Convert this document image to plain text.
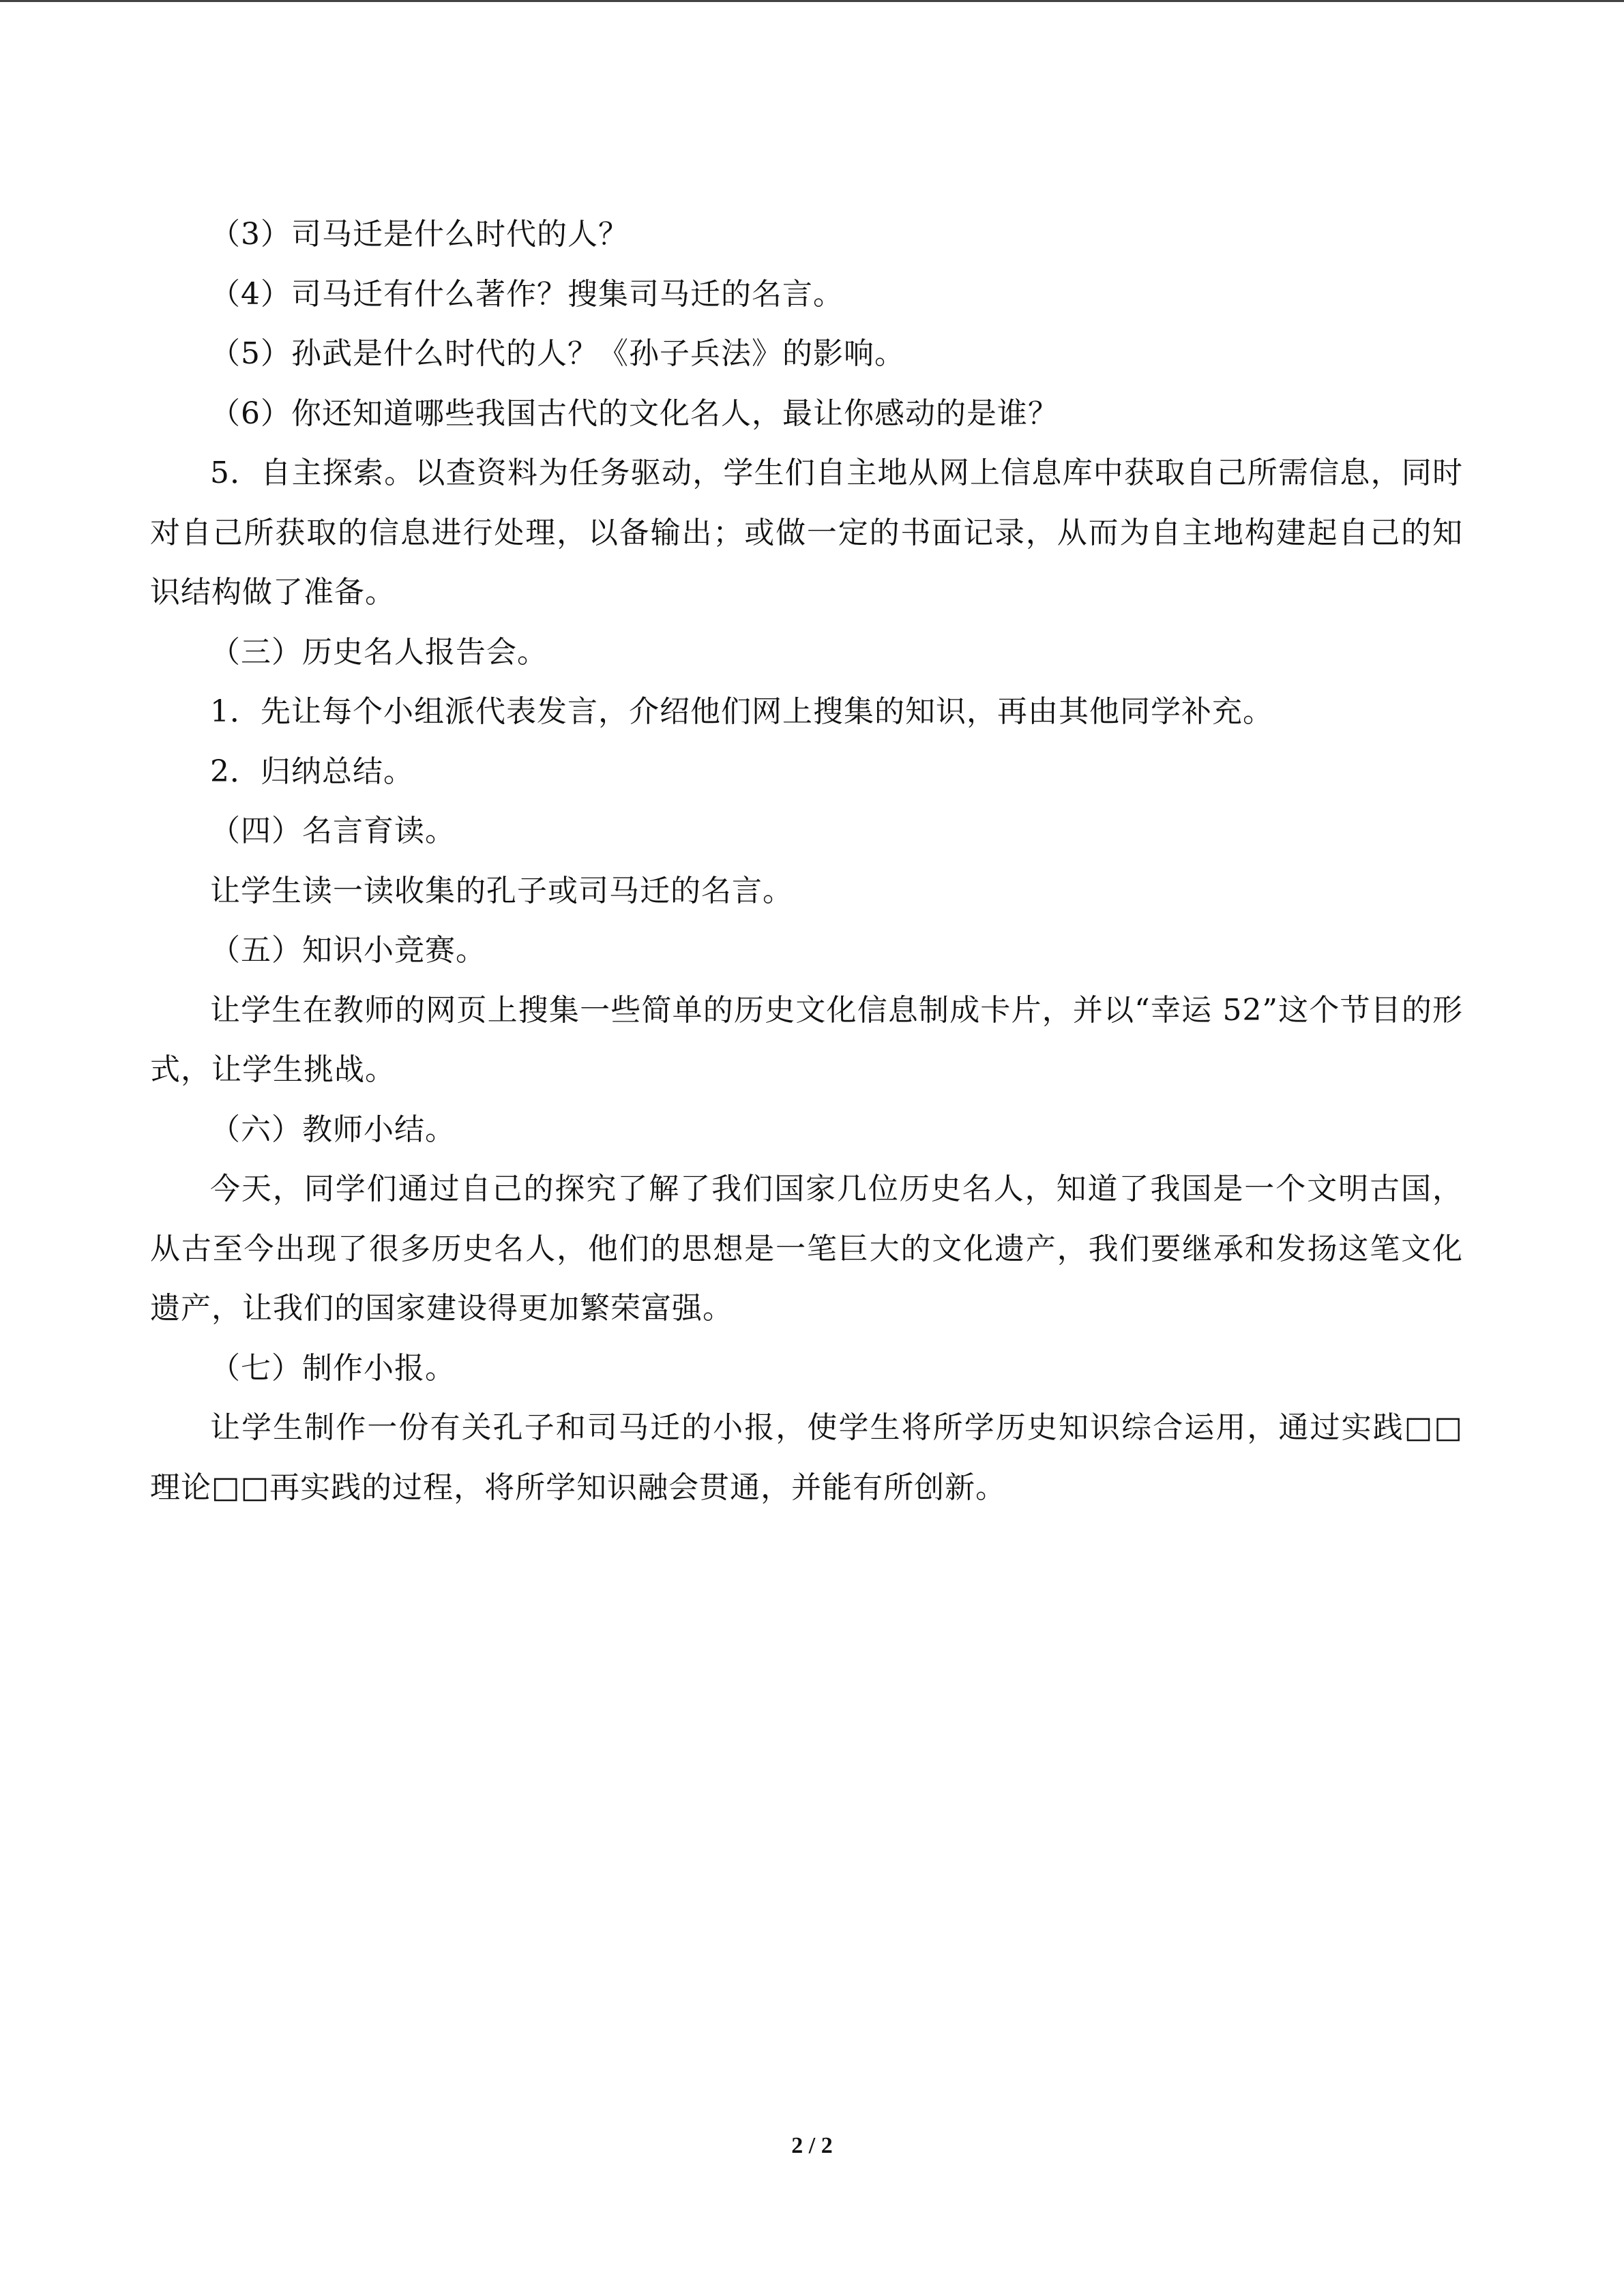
（3）司马迁是什么时代的人？

（4）司马迁有什么著作？搜集司马迁的名言。

（5）孙武是什么时代的人？《孙子兵法》的影响。

（6）你还知道哪些我国古代的文化名人，最让你感动的是谁？

5．自主探索。以查资料为任务驱动，学生们自主地从网上信息库中获取自己所需信息，同时对自己所获取的信息进行处理，以备输出；或做一定的书面记录，从而为自主地构建起自己的知识结构做了准备。

（三）历史名人报告会。

1．先让每个小组派代表发言，介绍他们网上搜集的知识，再由其他同学补充。

2．归纳总结。

（四）名言育读。

让学生读一读收集的孔子或司马迁的名言。

（五）知识小竞赛。

让学生在教师的网页上搜集一些简单的历史文化信息制成卡片，并以“幸运 52”这个节目的形式，让学生挑战。

（六）教师小结。

今天，同学们通过自己的探究了解了我们国家几位历史名人，知道了我国是一个文明古国，从古至今出现了很多历史名人，他们的思想是一笔巨大的文化遗产，我们要继承和发扬这笔文化遗产，让我们的国家建设得更加繁荣富强。

（七）制作小报。

让学生制作一份有关孔子和司马迁的小报，使学生将所学历史知识综合运用，通过实践□□理论□□再实践的过程，将所学知识融会贯通，并能有所创新。

2 / 2
